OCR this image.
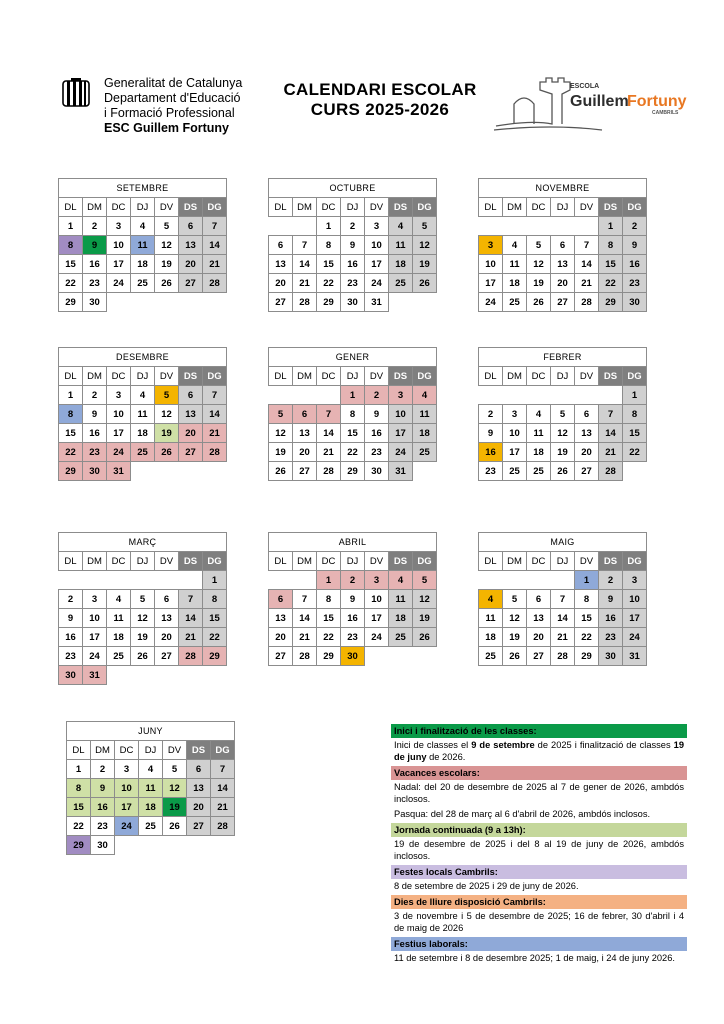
Generalitat de Catalunya
Departament d'Educació
i Formació Professional
ESC Guillem Fortuny
CALENDARI ESCOLAR
CURS 2025-2026
ESCOLA
Guillem
Fortuny
CAMBRILS
SETEMBRE						
DL	DM	DC	DJ	DV	DS	DG
1	2	3	4	5	6	7
8	9	10	11	12	13	14
15	16	17	18	19	20	21
22	23	24	25	26	27	28
29	30					
OCTUBRE						
DL	DM	DC	DJ	DV	DS	DG
		1	2	3	4	5
6	7	8	9	10	11	12
13	14	15	16	17	18	19
20	21	22	23	24	25	26
27	28	29	30	31		
NOVEMBRE						
DL	DM	DC	DJ	DV	DS	DG
					1	2
3	4	5	6	7	8	9
10	11	12	13	14	15	16
17	18	19	20	21	22	23
24	25	26	27	28	29	30
DESEMBRE						
DL	DM	DC	DJ	DV	DS	DG
1	2	3	4	5	6	7
8	9	10	11	12	13	14
15	16	17	18	19	20	21
22	23	24	25	26	27	28
29	30	31				
GENER						
DL	DM	DC	DJ	DV	DS	DG
			1	2	3	4
5	6	7	8	9	10	11
12	13	14	15	16	17	18
19	20	21	22	23	24	25
26	27	28	29	30	31	
FEBRER						
DL	DM	DC	DJ	DV	DS	DG
						1
2	3	4	5	6	7	8
9	10	11	12	13	14	15
16	17	18	19	20	21	22
23	25	25	26	27	28	
MARÇ						
DL	DM	DC	DJ	DV	DS	DG
						1
2	3	4	5	6	7	8
9	10	11	12	13	14	15
16	17	18	19	20	21	22
23	24	25	26	27	28	29
30	31					
ABRIL						
DL	DM	DC	DJ	DV	DS	DG
		1	2	3	4	5
6	7	8	9	10	11	12
13	14	15	16	17	18	19
20	21	22	23	24	25	26
27	28	29	30			
MAIG						
DL	DM	DC	DJ	DV	DS	DG
				1	2	3
4	5	6	7	8	9	10
11	12	13	14	15	16	17
18	19	20	21	22	23	24
25	26	27	28	29	30	31
JUNY						
DL	DM	DC	DJ	DV	DS	DG
1	2	3	4	5	6	7
8	9	10	11	12	13	14
15	16	17	18	19	20	21
22	23	24	25	26	27	28
29	30					
Inici i finalització de les classes:
Inici de classes el 9 de setembre de 2025 i finalització de classes 19 de juny de 2026.
Vacances escolars:
Nadal: del 20 de desembre de 2025 al 7 de gener de 2026, ambdós inclosos.
Pasqua: del 28 de març al 6 d'abril de 2026, ambdós inclosos.
Jornada continuada (9 a 13h):
19 de desembre de 2025 i del 8 al 19 de juny de 2026, ambdós inclosos.
Festes locals Cambrils:
8 de setembre de 2025 i 29 de juny de 2026.
Dies de lliure disposició Cambrils:
3 de novembre i 5 de desembre de 2025; 16 de febrer, 30 d'abril i 4 de maig de 2026
Festius laborals:
11 de setembre i 8 de desembre 2025; 1 de maig, i 24 de juny 2026.
